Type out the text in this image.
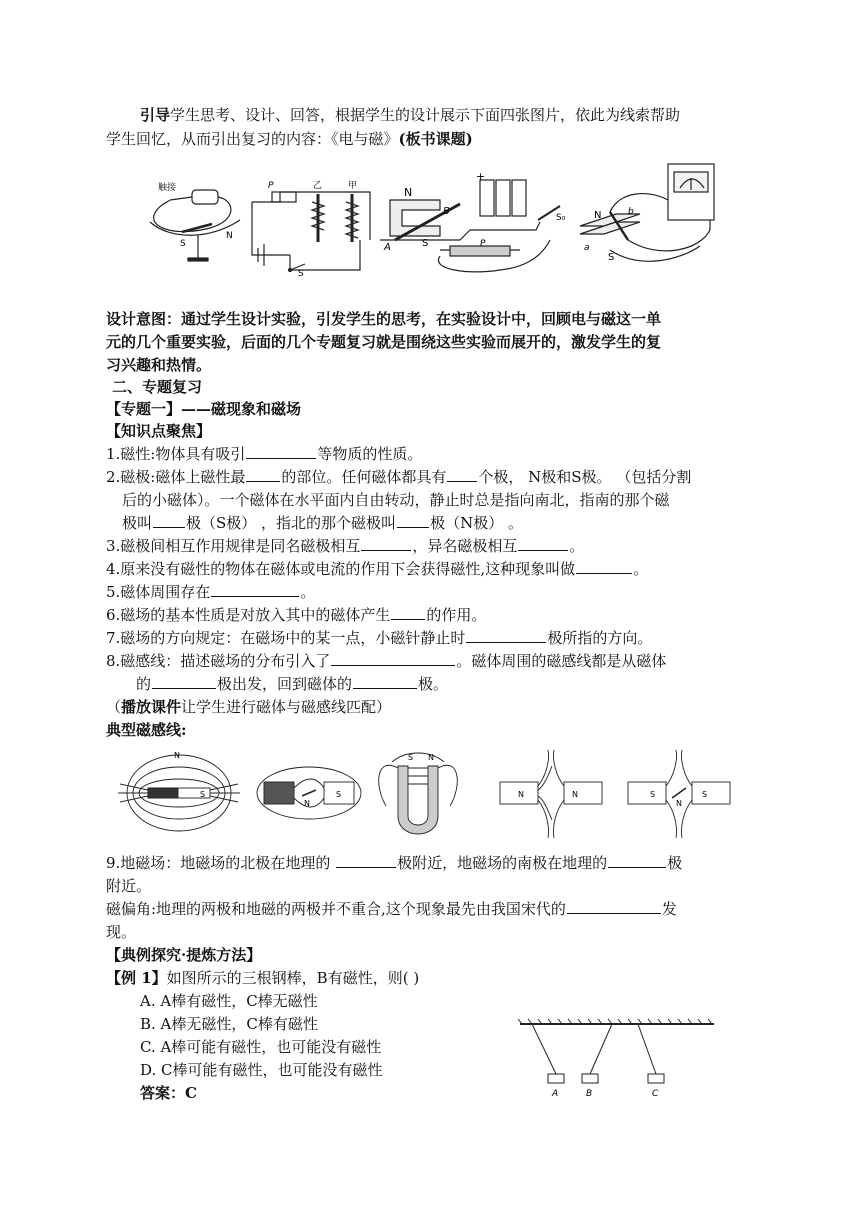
引导学生思考、设计、回答，根据学生的设计展示下面四张图片，依此为线索帮助
学生回忆，从而引出复习的内容：《电与磁》(板书课题)
触接
S
N
P	乙	甲
S
N
B
A	S
+
P
S₀	N	b
a
S
设计意图：通过学生设计实验，引发学生的思考，在实验设计中，回顾电与磁这一单
元的几个重要实验，后面的几个专题复习就是围绕这些实验而展开的，激发学生的复
习兴趣和热情。
二、专题复习
【专题一】——磁现象和磁场
【知识点聚焦】
1.磁性:物体具有吸引	等物质的性质。
2.磁极:磁体上磁性最 的部位。任何磁体都具有 个极， N极和S极。 （包括分割
后的小磁体）。一个磁体在水平面内自由转动，静止时总是指向南北，指南的那个磁
极叫 极（S极） ，指北的那个磁极叫 极（N极） 。
3.磁极间相互作用规律是同名磁极相互	，异名磁极相互	。
4.原来没有磁性的物体在磁体或电流的作用下会获得磁性,这种现象叫做	。
5.磁体周围存在	。
6.磁场的基本性质是对放入其中的磁体产生 的作用。
7.磁场的方向规定：在磁场中的某一点，小磁针静止时	极所指的方向。
8.磁感线：描述磁场的分布引入了	。磁体周围的磁感线都是从磁体
的	极出发，回到磁体的	极。
（播放课件让学生进行磁体与磁感线匹配）
典型磁感线:
N
S
N
S
S N
N	N	S
N
S
9.地磁场：地磁场的北极在地理的	极附近，地磁场的南极在地理的	极
附近。
磁偏角:地理的两极和地磁的两极并不重合,这个现象最先由我国宋代的	发
现。
【典例探究·提炼方法】
【例 1】如图所示的三根钢棒，B有磁性，则( )
A. A棒有磁性，C棒无磁性
B. A棒无磁性，C棒有磁性
C. A棒可能有磁性，也可能没有磁性
D. C棒可能有磁性，也可能没有磁性
答案：C	A	B	C
